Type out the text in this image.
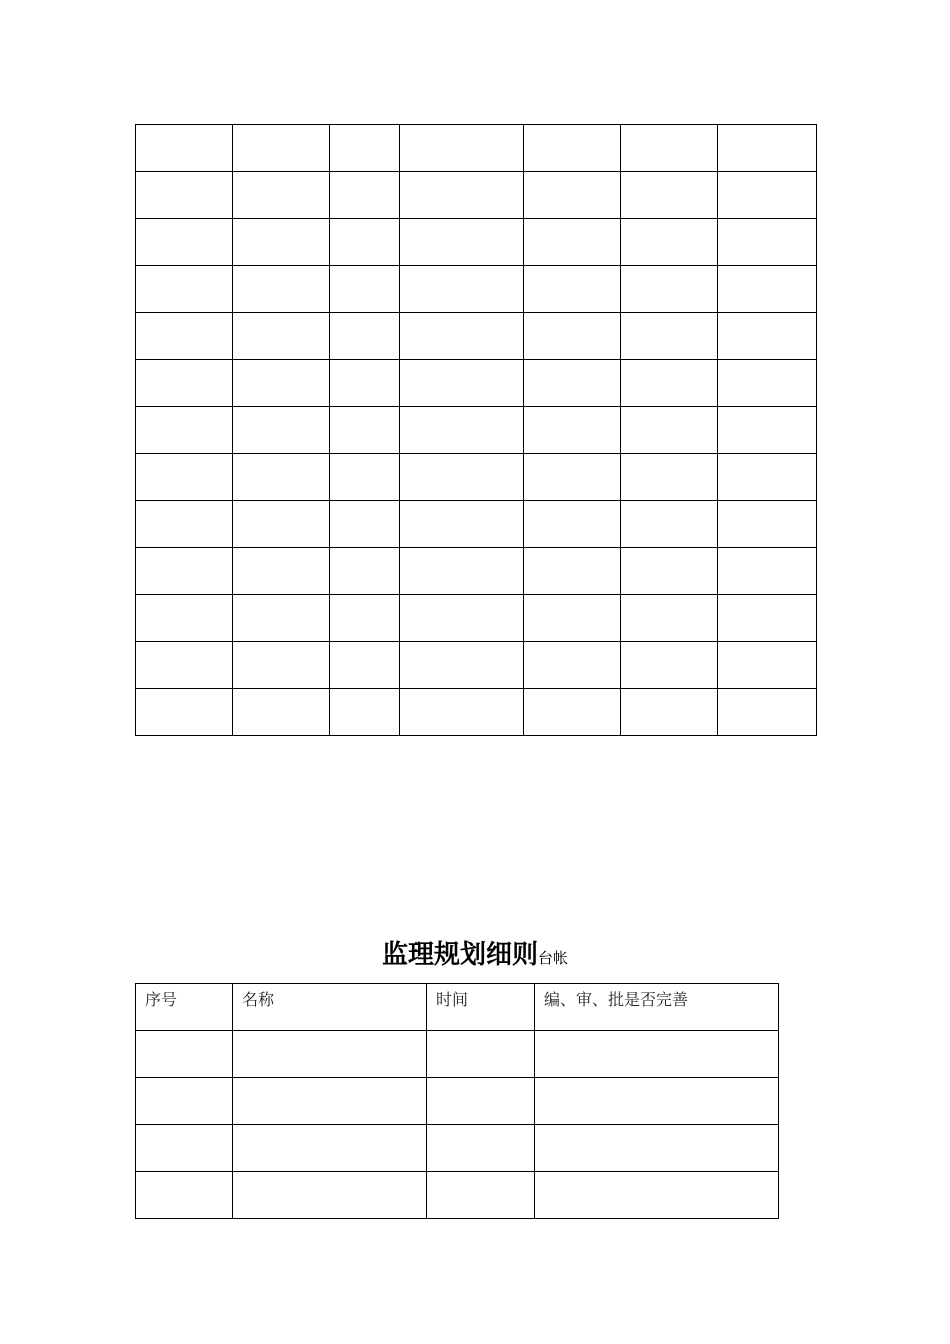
监理规划细则台帐
序号	名称	时间	编、审、批是否完善
